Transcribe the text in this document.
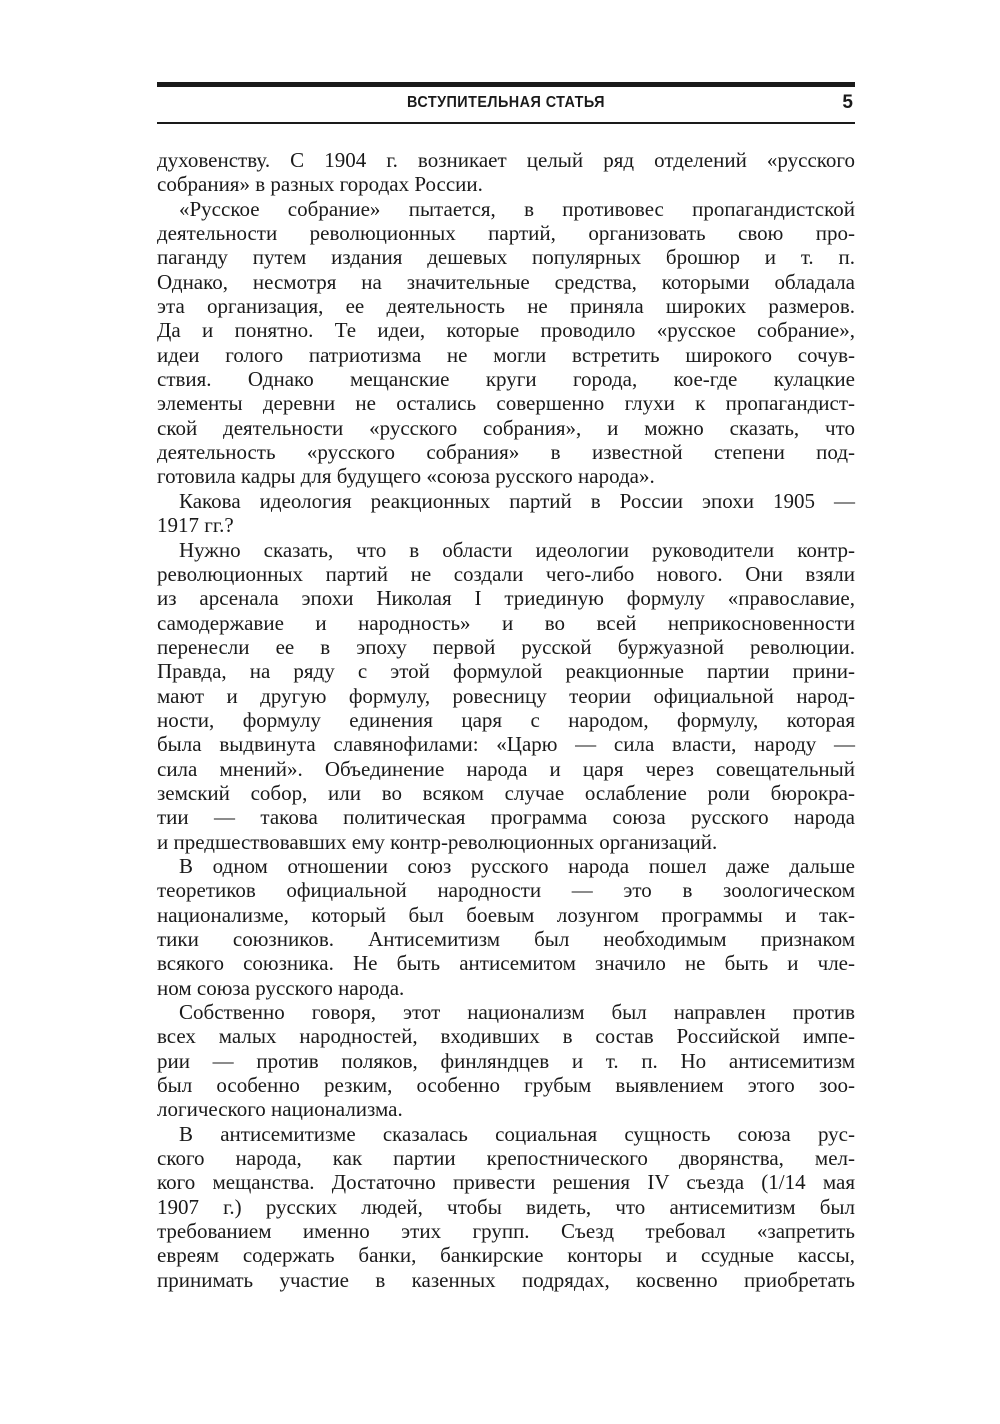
ВСТУПИТЕЛЬНАЯ СТАТЬЯ	5
духовенству. С 1904 г. возникает целый ряд отделений «русского
собрания» в разных городах России.
«Русское собрание» пытается, в противовес пропагандистской
деятельности революционных партий, организовать свою про-
паганду путем издания дешевых популярных брошюр и т. п.
Однако, несмотря на значительные средства, которыми обладала
эта организация, ее деятельность не приняла широких размеров.
Да и понятно. Те идеи, которые проводило «русское собрание»,
идеи голого патриотизма не могли встретить широкого сочув-
ствия. Однако мещанские круги города, кое-где кулацкие
элементы деревни не остались совершенно глухи к пропагандист-
ской деятельности «русского собрания», и можно сказать, что
деятельность «русского собрания» в известной степени под-
готовила кадры для будущего «союза русского народа».
Какова идеология реакционных партий в России эпохи 1905 —
1917 гг.?
Нужно сказать, что в области идеологии руководители контр-
революционных партий не создали чего-либо нового. Они взяли
из арсенала эпохи Николая I триединую формулу «православие,
самодержавие и народность» и во всей неприкосновенности
перенесли ее в эпоху первой русской буржуазной революции.
Правда, на ряду с этой формулой реакционные партии прини-
мают и другую формулу, ровесницу теории официальной народ-
ности, формулу единения царя с народом, формулу, которая
была выдвинута славянофилами: «Царю — сила власти, народу —
сила мнений». Объединение народа и царя через совещательный
земский собор, или во всяком случае ослабление роли бюрокра-
тии — такова политическая программа союза русского народа
и предшествовавших ему контр-революционных организаций.
В одном отношении союз русского народа пошел даже дальше
теоретиков официальной народности — это в зоологическом
национализме, который был боевым лозунгом программы и так-
тики союзников. Антисемитизм был необходимым признаком
всякого союзника. Не быть антисемитом значило не быть и чле-
ном союза русского народа.
Собственно говоря, этот национализм был направлен против
всех малых народностей, входивших в состав Российской импе-
рии — против поляков, финляндцев и т. п. Но антисемитизм
был особенно резким, особенно грубым выявлением этого зоо-
логического национализма.
В антисемитизме сказалась социальная сущность союза рус-
ского народа, как партии крепостнического дворянства, мел-
кого мещанства. Достаточно привести решения IV съезда (1/14 мая
1907 г.) русских людей, чтобы видеть, что антисемитизм был
требованием именно этих групп. Съезд требовал «запретить
евреям содержать банки, банкирские конторы и ссудные кассы,
принимать участие в казенных подрядах, косвенно приобретать
